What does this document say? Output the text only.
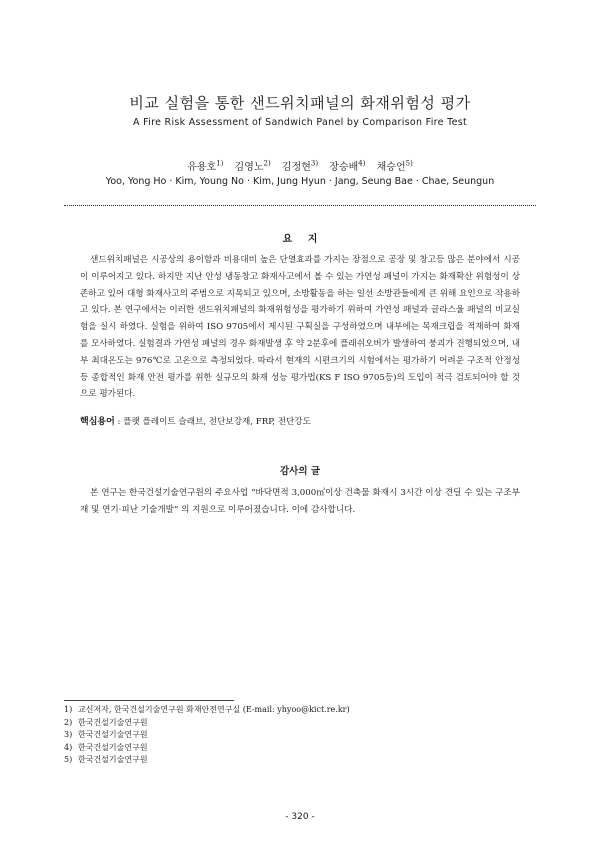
비교 실험을 통한 샌드위치패널의 화재위험성 평가
A Fire Risk Assessment of Sandwich Panel by Comparison Fire Test
유용호$^{1)}$ 김영노$^{2)}$ 김정현$^{3)}$ 장승배$^{4)}$ 채승언$^{5)}$
Yoo, Yong Ho · Kim, Young No · Kim, Jung Hyun · Jang, Seung Bae · Chae, Seungun
요 지
샌드위치패널은 시공상의 용이함과 비용대비 높은 단열효과를 가지는 장점으로 공장 및 창고등 많은 분야에서 시공이 이루어지고 있다. 하지만 지난 안성 냉동창고 화재사고에서 볼 수 있는 가연성 패널이 가지는 화재확산 위험성이 상존하고 있어 대형 화재사고의 주범으로 지목되고 있으며, 소방활동을 하는 일선 소방관들에게 큰 위해 요인으로 작용하고 있다. 본 연구에서는 이러한 샌드위치패널의 화재위험성을 평가하기 위하여 가연성 패널과 글라스울 패널의 비교실험을 실시 하였다. 실험을 위하여 ISO 9705에서 제시된 구획실을 구성하였으며 내부에는 목재크립을 적재하여 화재를 모사하였다. 실험결과 가연성 패널의 경우 화재발생 후 약 2분후에 플래쉬오버가 발생하여 붕괴가 진행되었으며, 내부 최대온도는 976℃로 고온으로 측정되었다. 따라서 현재의 시편크기의 시험에서는 평가하기 어려운 구조적 안정성등 종합적인 화재 안전 평가를 위한 실규모의 화재 성능 평가법(KS F ISO 9705등)의 도입이 적극 검토되어야 할 것으로 평가된다.
핵심용어 : 플랫 플레이트 슬래브, 전단보강재, FRP, 전단강도
감사의 글
본 연구는 한국건설기술연구원의 주요사업 “바닥면적 3,000㎡이상 건축물 화재시 3시간 이상 견딜 수 있는 구조부재 및 연기·피난 기술개발” 의 지원으로 이루어졌습니다. 이에 감사합니다.
1) 교신저자, 한국건설기술연구원 화재안전연구실 (E-mail: yhyoo@kict.re.kr)
2) 한국건설기술연구원
3) 한국건설기술연구원
4) 한국건설기술연구원
5) 한국건설기술연구원
- 320 -
